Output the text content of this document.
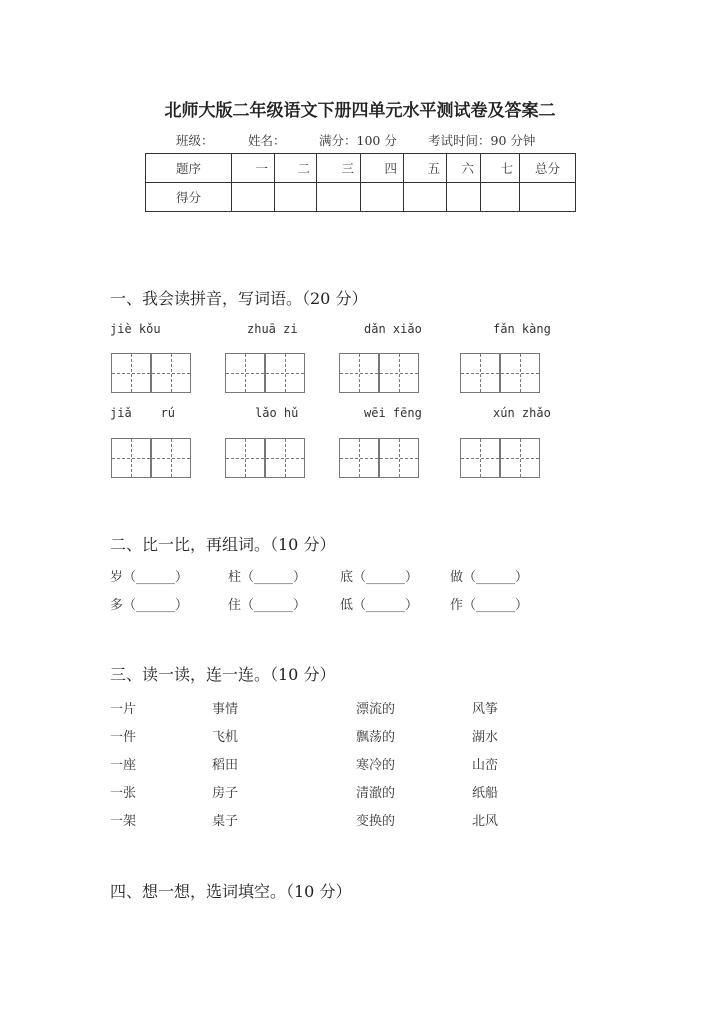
北师大版二年级语文下册四单元水平测试卷及答案二
班级：	姓名：	满分：100 分 考试时间：90 分钟
题序	一	二	三	四	五	六	七	总分
得分								
一、我会读拼音，写词语。（20 分）
jiè kǒu	zhuā zi	dǎn xiǎo	fǎn kàng
jiǎ    rú	lǎo hǔ	wēi fēng	xún zhǎo
二、比一比，再组词。（10 分）
岁（______）	柱（______）	底（______） 做（______）
多（______）	住（______）	低（______） 作（______）
三、读一读，连一连。（10 分）
一片	事情	漂流的	风筝
一件	飞机	飘荡的	湖水
一座	稻田	寒冷的	山峦
一张	房子	清澈的	纸船
一架	桌子	变换的	北风
四、想一想，选词填空。（10 分）
